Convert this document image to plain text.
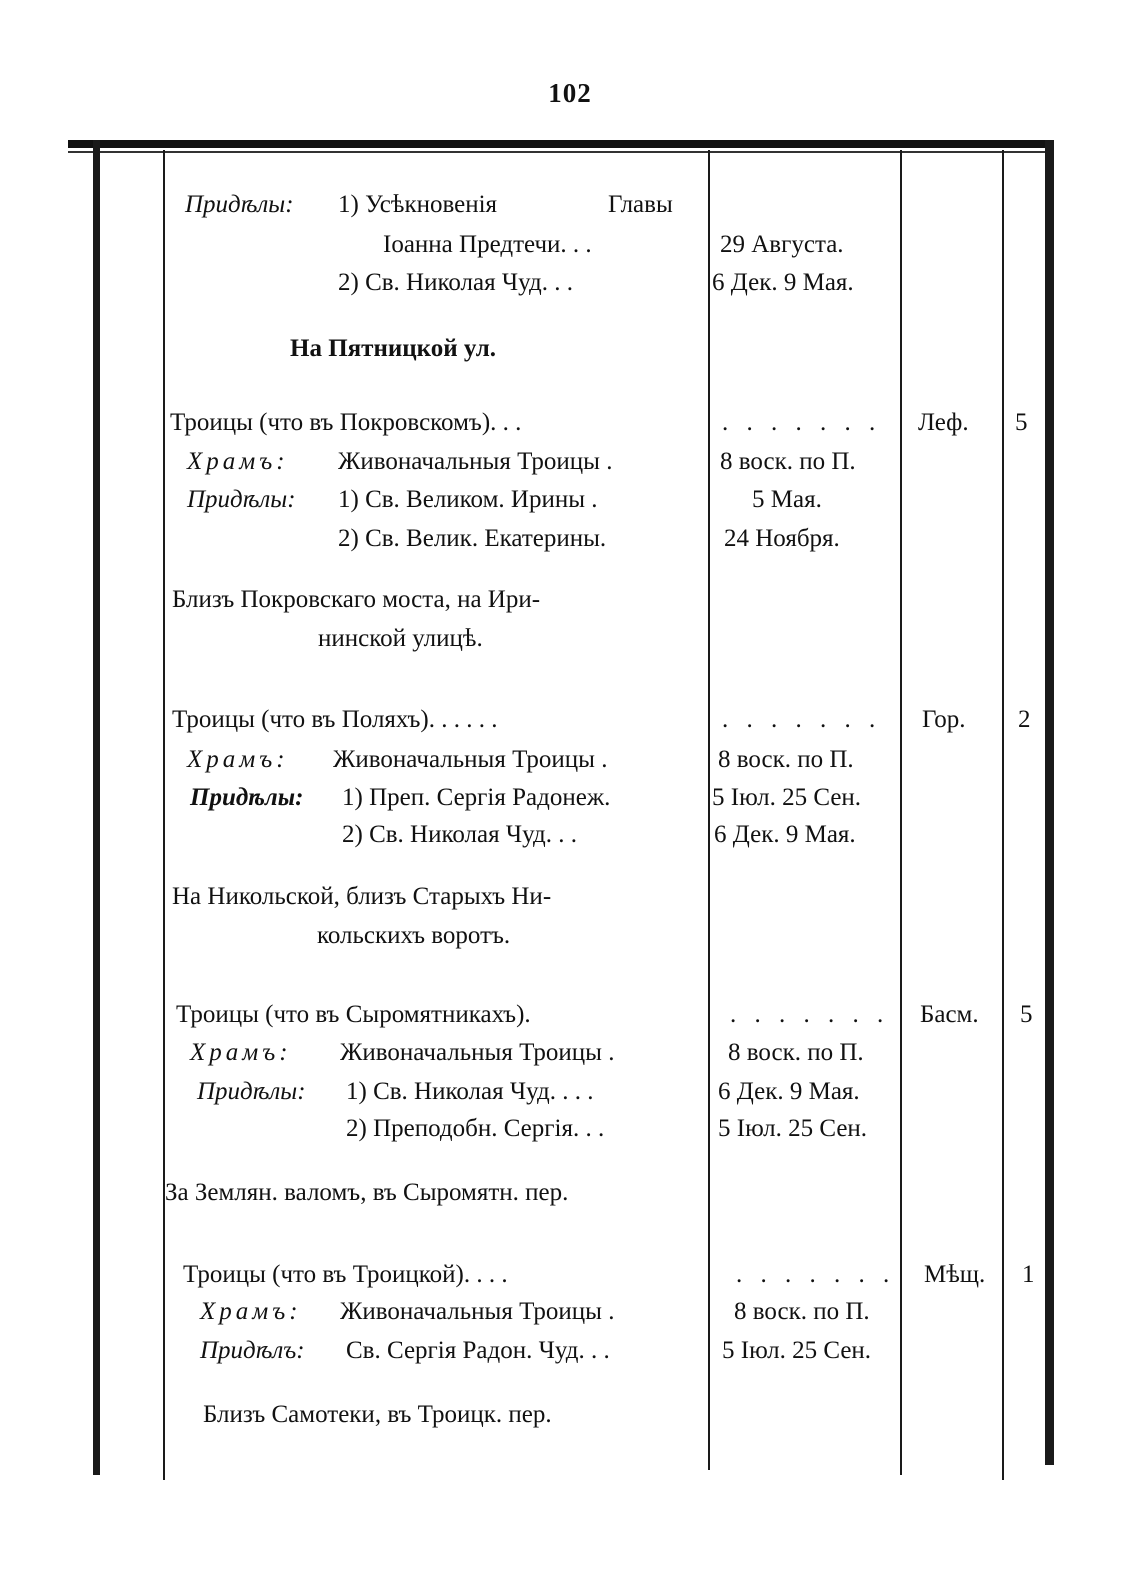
102
Придѣлы: 1) Усѣкновенія	Главы
Іоанна Предтечи. . .	29 Августа.
2) Св. Николая Чуд. . .	6 Дек. 9 Мая.
На Пятницкой ул.
Троицы (что въ Покровскомъ). . .	. . . . . . . Леф. 5
Храмъ: Живоначальныя Троицы .	8 воск. по П.
Придѣлы: 1) Св. Великом. Ирины .	5 Мая.
2) Св. Велик. Екатерины.	24 Ноября.
Близъ Покровскаго моста, на Ири-
нинской улицѣ.
Троицы (что въ Поляхъ). . . . . .	. . . . . . . Гор. 2
Храмъ: Живоначальныя Троицы .	8 воск. по П.
Придѣлы: 1) Преп. Сергія Радонеж.	5 Іюл. 25 Сен.
2) Св. Николая Чуд. . .	6 Дек. 9 Мая.
На Никольской, близъ Старыхъ Ни-
кольскихъ воротъ.
Троицы (что въ Сыромятникахъ).	. . . . . . . Басм. 5
Храмъ: Живоначальныя Троицы .	8 воск. по П.
Придѣлы: 1) Св. Николая Чуд. . . .	6 Дек. 9 Мая.
2) Преподобн. Сергія. . .	5 Іюл. 25 Сен.
За Землян. валомъ, въ Сыромятн. пер.
Троицы (что въ Троицкой). . . .	. . . . . . . Мѣщ. 1
Храмъ: Живоначальныя Троицы .	8 воск. по П.
Придѣлъ: Св. Сергія Радон. Чуд. . .	5 Іюл. 25 Сен.
Близъ Самотеки, въ Троицк. пер.
